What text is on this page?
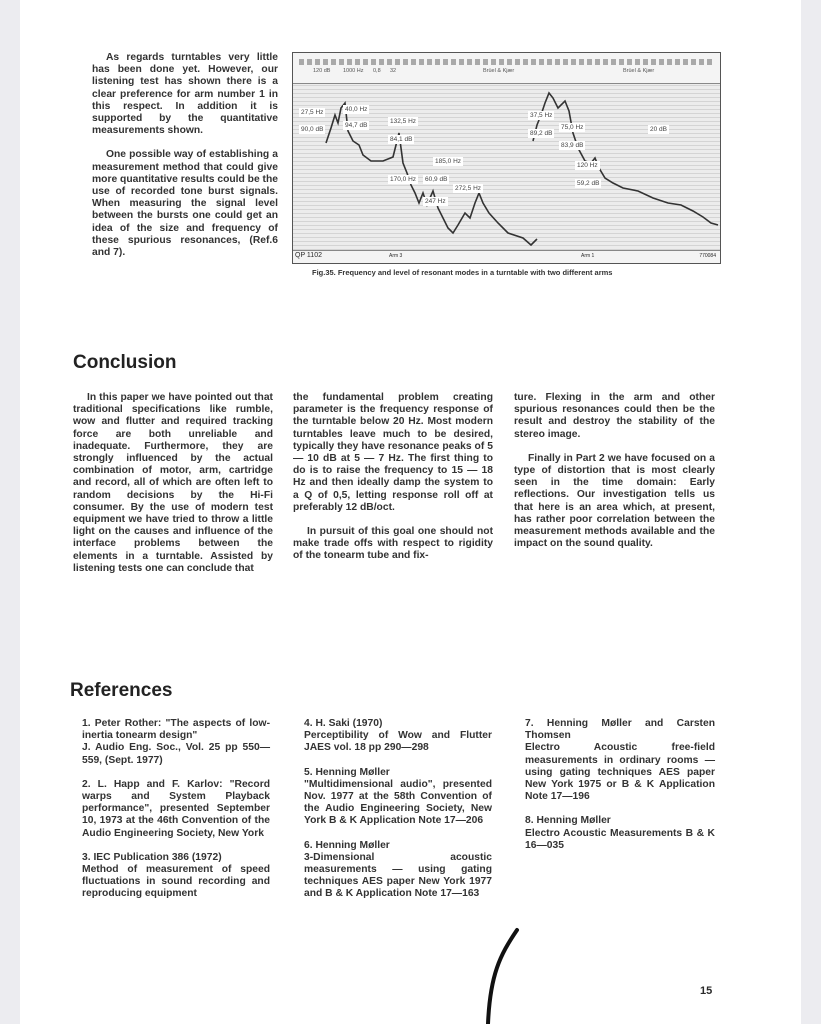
As regards turntables very little has been done yet. However, our listening test has shown there is a clear preference for arm number 1 in this respect. In addition it is supported by the quantitative measurements shown.

One possible way of establishing a measurement method that could give more quantitative results could be the use of recorded tone burst signals. When measuring the signal level between the bursts one could get an idea of the size and frequency of these spurious resonances, (Ref.6 and 7).

120 dB 1000 Hz 0,8 32	Brüel & Kjær	Brüel & Kjær
27,5 Hz
90,0 dB
40,0 Hz
94,7 dB
132,5 Hz
84,1 dB
185,0 Hz
170,0 Hz	60,9 dB
272,5 Hz
247 Hz
37,5 Hz
89,2 dB
75,0 Hz
83,9 dB
120 Hz
59,2 dB
20 dB
QP 1102	Arm 3	Arm 1	770084
Fig.35. Frequency and level of resonant modes in a turntable with two different arms
Conclusion

In this paper we have pointed out that traditional specifications like rumble, wow and flutter and required tracking force are both unreliable and inadequate. Furthermore, they are strongly influenced by the actual combination of motor, arm, cartridge and record, all of which are often left to random decisions by the Hi-Fi consumer. By the use of modern test equipment we have tried to throw a little light on the causes and influence of the interface problems between the elements in a turntable. Assisted by listening tests one can conclude that

the fundamental problem creating parameter is the frequency response of the turntable below 20 Hz. Most modern turntables leave much to be desired, typically they have resonance peaks of 5 — 10 dB at 5 — 7 Hz. The first thing to do is to raise the frequency to 15 — 18 Hz and then ideally damp the system to a Q of 0,5, letting response roll off at preferably 12 dB/oct.

In pursuit of this goal one should not make trade offs with respect to rigidity of the tonearm tube and fix-

ture. Flexing in the arm and other spurious resonances could then be the result and destroy the stability of the stereo image.

Finally in Part 2 we have focused on a type of distortion that is most clearly seen in the time domain: Early reflections. Our investigation tells us that here is an area which, at present, has rather poor correlation between the measurement methods available and the impact on the sound quality.

References
1. Peter Rother: "The aspects of low-inertia tonearm design"
J. Audio Eng. Soc., Vol. 25 pp 550—559, (Sept. 1977)
2. L. Happ and F. Karlov: "Record warps and System Playback performance", presented September 10, 1973 at the 46th Convention of the Audio Engineering Society, New York
3. IEC Publication 386 (1972)
Method of measurement of speed fluctuations in sound recording and reproducing equipment
4. H. Saki (1970)
Perceptibility of Wow and Flutter JAES vol. 18 pp 290—298
5. Henning Møller
"Multidimensional audio", presented Nov. 1977 at the 58th Convention of the Audio Engineering Society, New York B & K Application Note 17—206
6. Henning Møller
3-Dimensional acoustic measurements — using gating techniques AES paper New York 1977 and B & K Application Note 17—163
7. Henning Møller and Carsten Thomsen
Electro Acoustic free-field measurements in ordinary rooms — using gating techniques AES paper New York 1975 or B & K Application Note 17—196
8. Henning Møller
Electro Acoustic Measurements B & K 16—035
15
